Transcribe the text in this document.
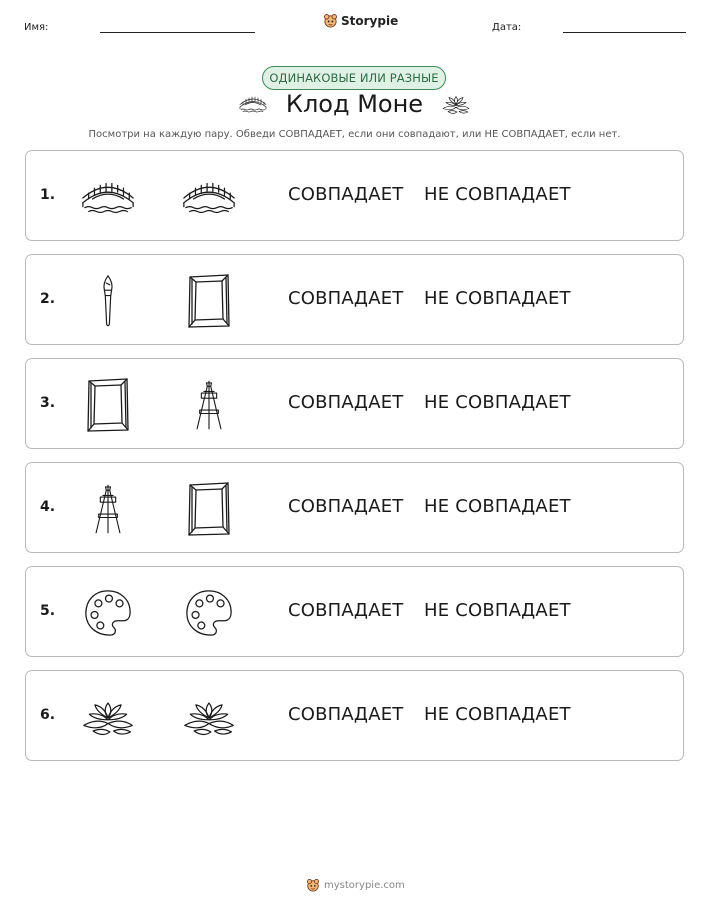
Имя:	Storypie	Дата:
ОДИНАКОВЫЕ ИЛИ РАЗНЫЕ
Клод Моне
Посмотри на каждую пару. Обведи СОВПАДАЕТ, если они совпадают, или НЕ СОВПАДАЕТ, если нет.
1.	СОВПАДАЕТ НЕ СОВПАДАЕТ
2.	СОВПАДАЕТ НЕ СОВПАДАЕТ
3.	СОВПАДАЕТ НЕ СОВПАДАЕТ
4.	СОВПАДАЕТ НЕ СОВПАДАЕТ
5.	СОВПАДАЕТ НЕ СОВПАДАЕТ
6.	СОВПАДАЕТ НЕ СОВПАДАЕТ
mystorypie.com
